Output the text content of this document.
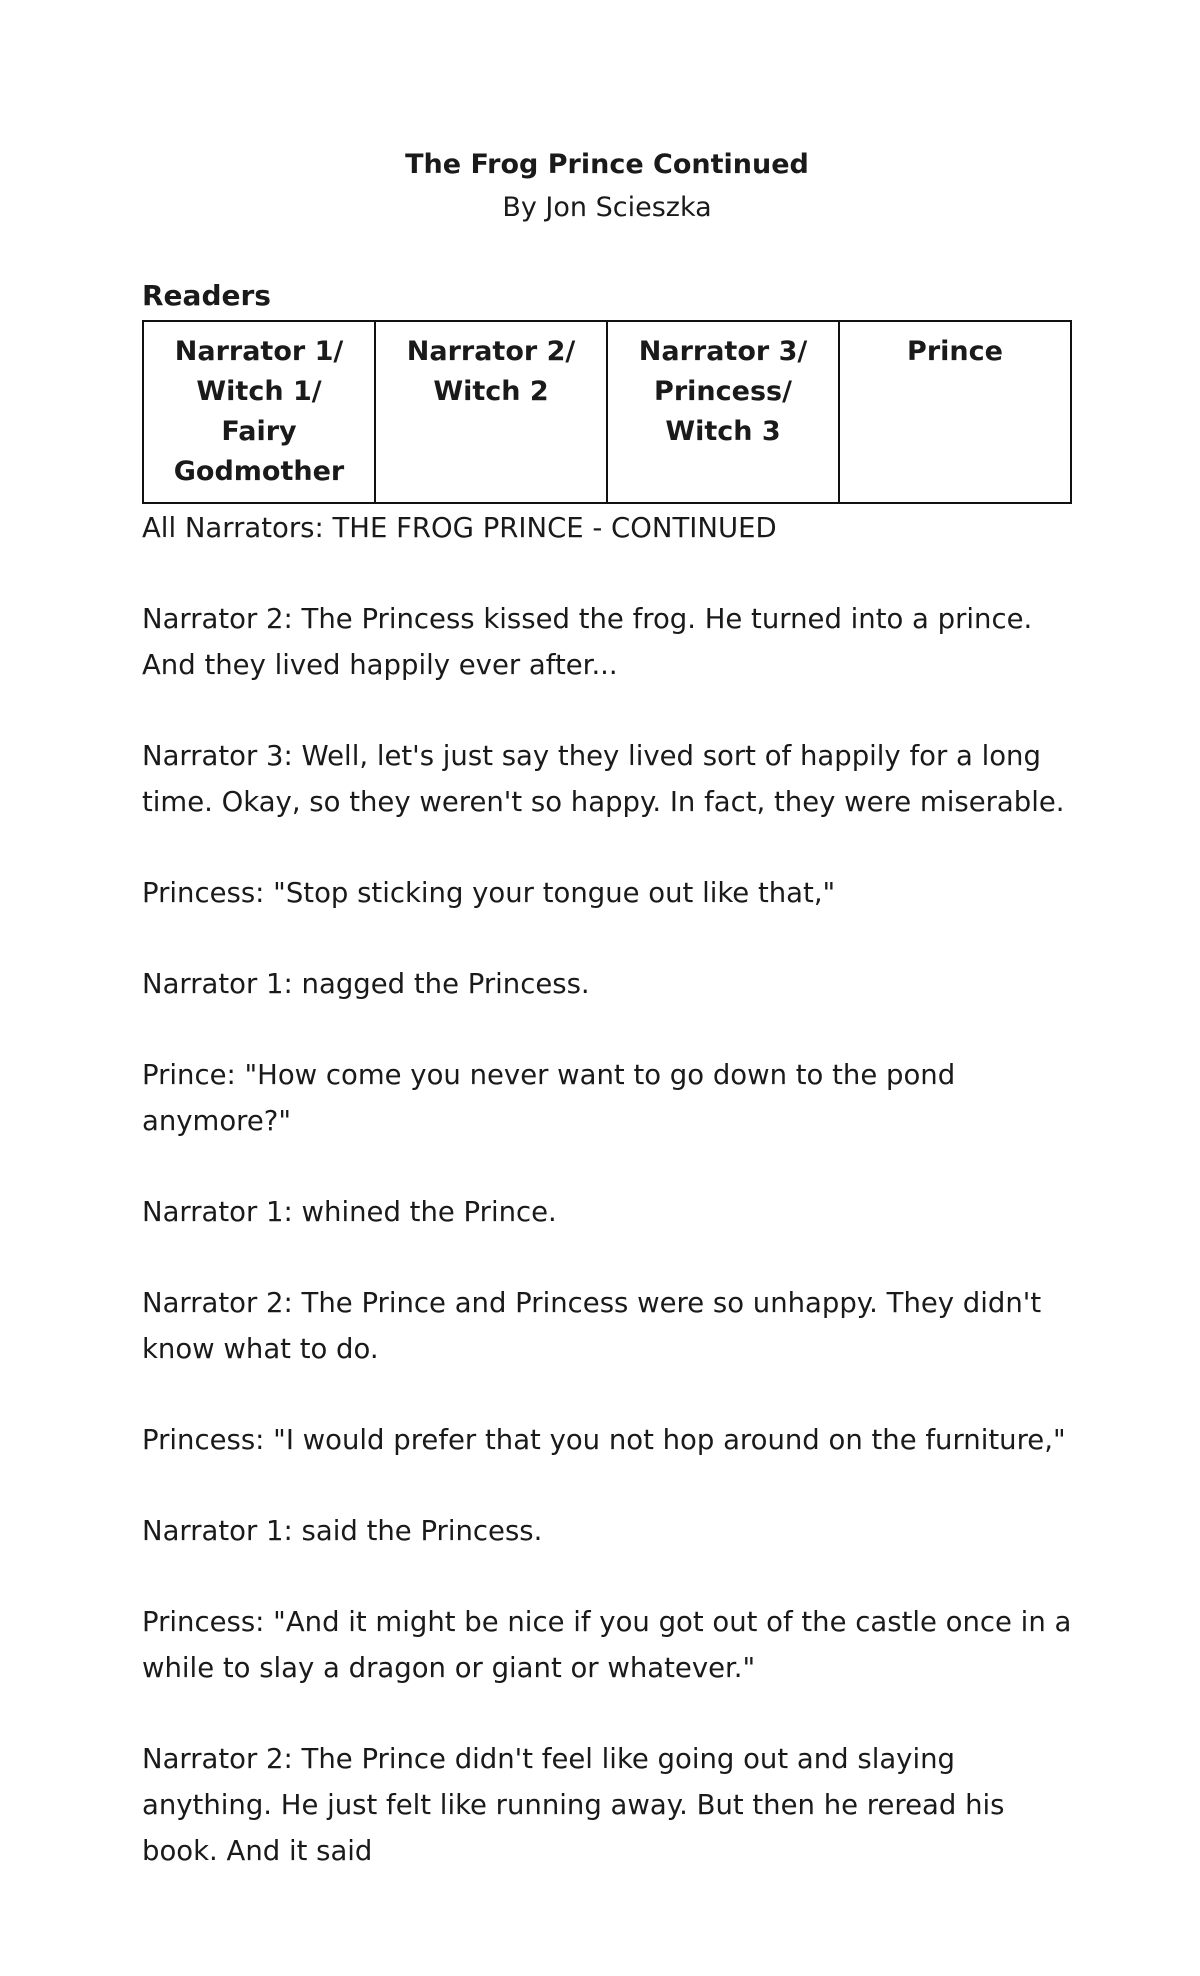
The Frog Prince Continued

By Jon Scieszka

Readers
Narrator 1/ Witch 1/ Fairy Godmother	Narrator 2/ Witch 2	Narrator 3/ Princess/ Witch 3	Prince

All Narrators: THE FROG PRINCE - CONTINUED

Narrator 2: The Princess kissed the frog. He turned into a prince. And they lived happily ever after...

Narrator 3: Well, let's just say they lived sort of happily for a long time. Okay, so they weren't so happy. In fact, they were miserable.

Princess: "Stop sticking your tongue out like that,"

Narrator 1: nagged the Princess.

Prince: "How come you never want to go down to the pond anymore?"

Narrator 1: whined the Prince.

Narrator 2: The Prince and Princess were so unhappy. They didn't know what to do.

Princess: "I would prefer that you not hop around on the furniture,"

Narrator 1: said the Princess.

Princess: "And it might be nice if you got out of the castle once in a while to slay a dragon or giant or whatever."

Narrator 2: The Prince didn't feel like going out and slaying anything. He just felt like running away. But then he reread his book. And it said
